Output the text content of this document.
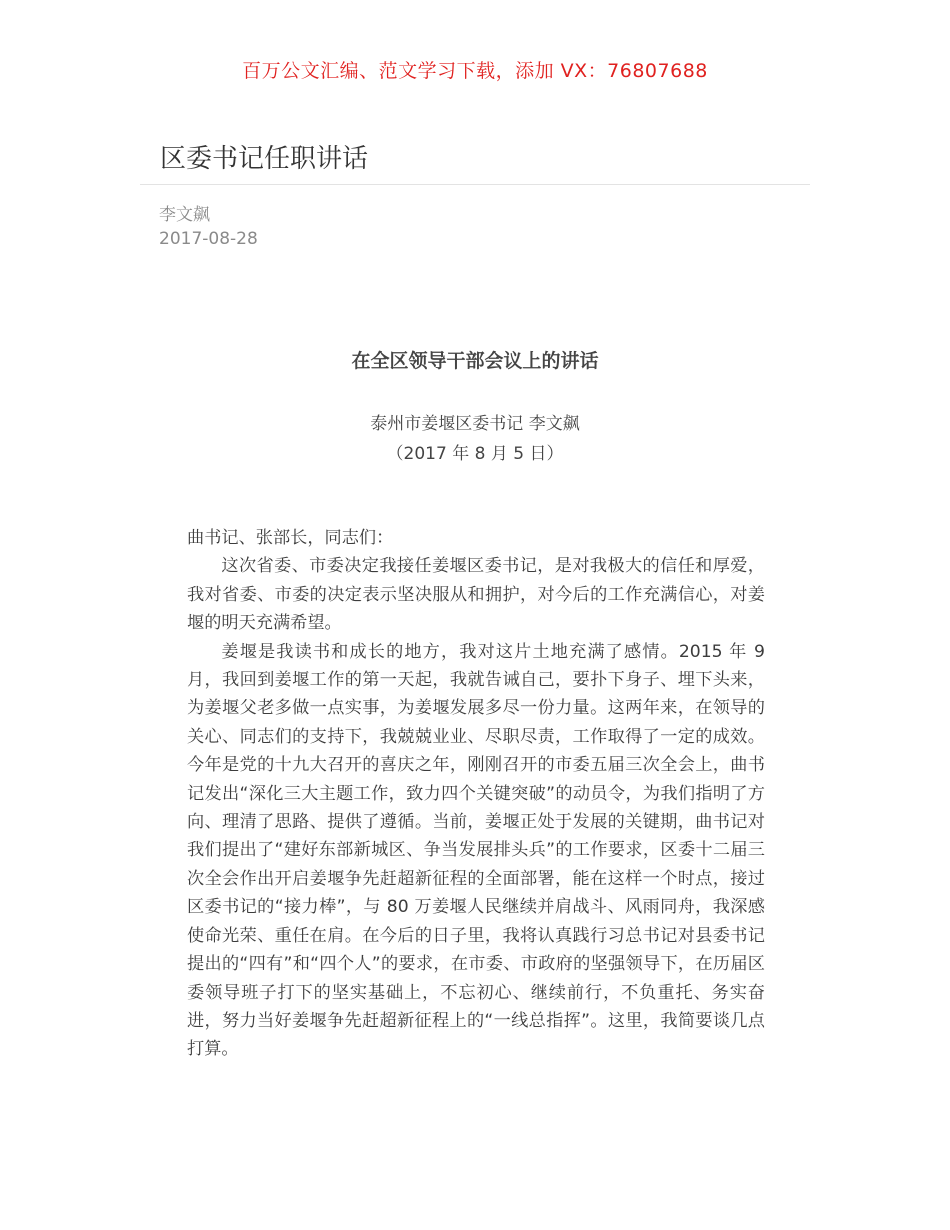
百万公文汇编、范文学习下载，添加 VX：76807688
区委书记任职讲话
李文飙
2017-08-28
在全区领导干部会议上的讲话
泰州市姜堰区委书记 李文飙
（2017 年 8 月 5 日）

曲书记、张部长，同志们：

这次省委、市委决定我接任姜堰区委书记，是对我极大的信任和厚爱，我对省委、市委的决定表示坚决服从和拥护，对今后的工作充满信心，对姜堰的明天充满希望。

姜堰是我读书和成长的地方，我对这片土地充满了感情。2015 年 9 月，我回到姜堰工作的第一天起，我就告诫自己，要扑下身子、埋下头来，为姜堰父老多做一点实事，为姜堰发展多尽一份力量。这两年来，在领导的关心、同志们的支持下，我兢兢业业、尽职尽责，工作取得了一定的成效。今年是党的十九大召开的喜庆之年，刚刚召开的市委五届三次全会上，曲书记发出“深化三大主题工作，致力四个关键突破”的动员令，为我们指明了方向、理清了思路、提供了遵循。当前，姜堰正处于发展的关键期，曲书记对我们提出了“建好东部新城区、争当发展排头兵”的工作要求，区委十二届三次全会作出开启姜堰争先赶超新征程的全面部署，能在这样一个时点，接过区委书记的“接力棒”，与 80 万姜堰人民继续并肩战斗、风雨同舟，我深感使命光荣、重任在肩。在今后的日子里，我将认真践行习总书记对县委书记提出的“四有”和“四个人”的要求，在市委、市政府的坚强领导下，在历届区委领导班子打下的坚实基础上，不忘初心、继续前行，不负重托、务实奋进，努力当好姜堰争先赶超新征程上的“一线总指挥”。这里，我简要谈几点打算。
